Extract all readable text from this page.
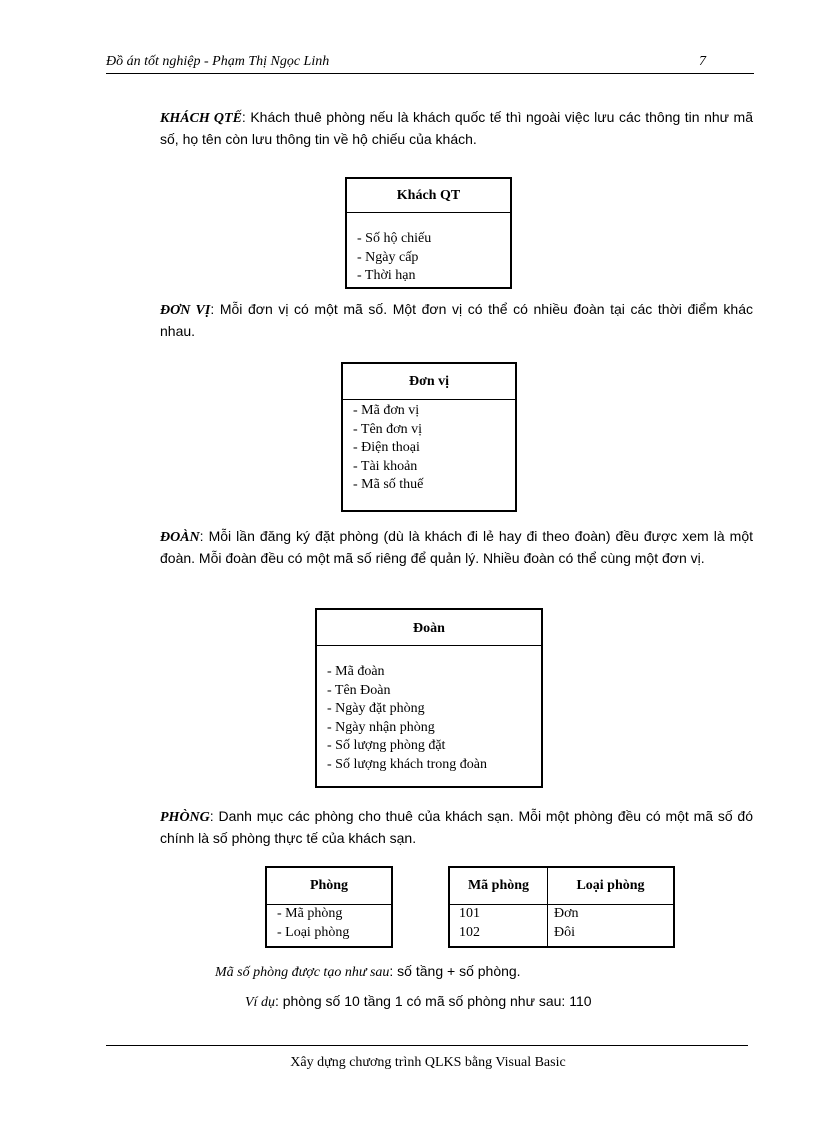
Đồ án tốt nghiệp - Phạm Thị Ngọc Linh	7

KHÁCH QTẾ: Khách thuê phòng nếu là khách quốc tế thì ngoài việc lưu các thông tin như mã số, họ tên còn lưu thông tin về hộ chiếu của khách.

Khách QT
- Số hộ chiếu
- Ngày cấp
- Thời hạn

ĐƠN VỊ: Mỗi đơn vị có một mã số. Một đơn vị có thể có nhiều đoàn tại các thời điểm khác nhau.

Đơn vị
- Mã đơn vị
- Tên đơn vị
- Điện thoại
- Tài khoản
- Mã số thuế

ĐOÀN: Mỗi lần đăng ký đặt phòng (dù là khách đi lẻ hay đi theo đoàn) đều được xem là một đoàn. Mỗi đoàn đều có một mã số riêng để quản lý. Nhiều đoàn có thể cùng một đơn vị.

Đoàn
- Mã đoàn
- Tên Đoàn
- Ngày đặt phòng
- Ngày nhận phòng
- Số lượng phòng đặt
- Số lượng khách trong đoàn

PHÒNG: Danh mục các phòng cho thuê của khách sạn. Mỗi một phòng đều có một mã số đó chính là số phòng thực tế của khách sạn.

Phòng
- Mã phòng
- Loại phòng
Mã phòng	Loại phòng
101
102
Đơn
Đôi
Mã số phòng được tạo như sau: số tầng + số phòng.
Ví dụ: phòng số 10 tầng 1 có mã số phòng như sau: 110
Xây dựng chương trình QLKS bằng Visual Basic
